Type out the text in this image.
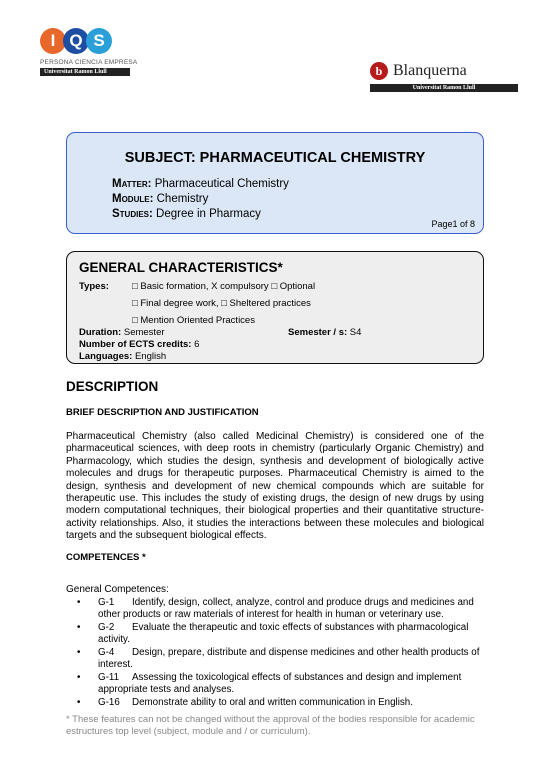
I Q S
PERSONA CIENCIA EMPRESA
Universitat Ramon Llull	b Blanquerna
Universitat Ramon Llull
SUBJECT: PHARMACEUTICAL CHEMISTRY
Matter: Pharmaceutical Chemistry
Module: Chemistry
Studies: Degree in Pharmacy
Page1 of 8
GENERAL CHARACTERISTICS*
Types: □ Basic formation, X compulsory □ Optional
□ Final degree work, □ Sheltered practices
□ Mention Oriented Practices
Duration: Semester	Semester / s: S4
Number of ECTS credits: 6
Languages: English
DESCRIPTION
BRIEF DESCRIPTION AND JUSTIFICATION

Pharmaceutical Chemistry (also called Medicinal Chemistry) is considered one of the pharmaceutical sciences, with deep roots in chemistry (particularly Organic Chemistry) and Pharmacology, which studies the design, synthesis and development of biologically active molecules and drugs for therapeutic purposes. Pharmaceutical Chemistry is aimed to the design, synthesis and development of new chemical compounds which are suitable for therapeutic use. This includes the study of existing drugs, the design of new drugs by using modern computational techniques, their biological properties and their quantitative structure-activity relationships. Also, it studies the interactions between these molecules and biological targets and the subsequent biological effects.

COMPETENCES *
General Competences:
• G-1 Identify, design, collect, analyze, control and produce drugs and medicines and other products or raw materials of interest for health in human or veterinary use.
• G-2 Evaluate the therapeutic and toxic effects of substances with pharmacological activity.
• G-4 Design, prepare, distribute and dispense medicines and other health products of interest.
• G-11 Assessing the toxicological effects of substances and design and implement appropriate tests and analyses.
• G-16 Demonstrate ability to oral and written communication in English.

* These features can not be changed without the approval of the bodies responsible for academic estructures top level (subject, module and / or curriculum).
